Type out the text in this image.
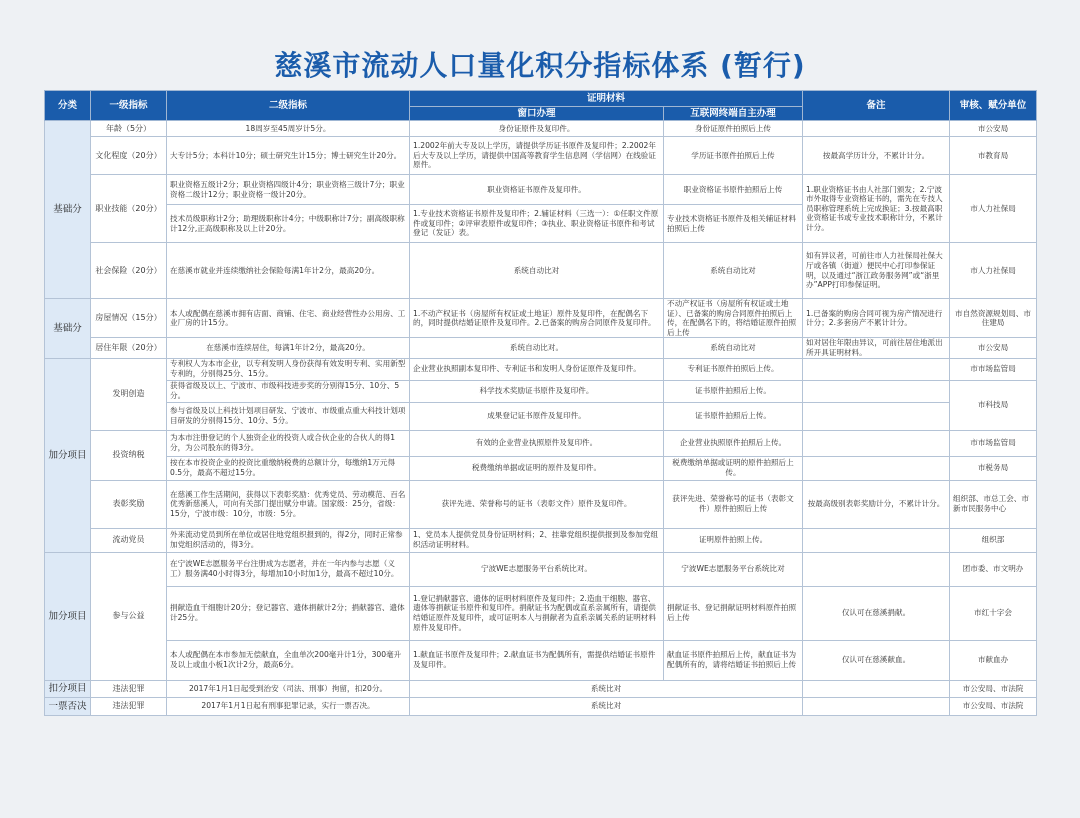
慈溪市流动人口量化积分指标体系 (暂行)
分类	一级指标	二级指标	证明材料		备注	审核、赋分单位
			窗口办理	互联网终端自主办理		
基础分	年龄（5分）	18周岁至45周岁计5分。	身份证原件及复印件。	身份证原件拍照后上传		市公安局
	文化程度（20分）	大专计5分；本科计10分；硕士研究生计15分；博士研究生计20分。	1.2002年前大专及以上学历，请提供学历证书原件及复印件；2.2002年后大专及以上学历，请提供中国高等教育学生信息网（学信网）在线验证原件。	学历证书原件拍照后上传	按最高学历计分，不累计计分。	市教育局
	职业技能（20分）	职业资格五级计2分；职业资格四级计4分；职业资格三级计7分；职业资格二级计12分；职业资格一级计20分。	职业资格证书原件及复印件。	职业资格证书原件拍照后上传	1.职业资格证书由人社部门颁发；2.宁波市外取得专业资格证书的，需先在专技人员职称管理系统上完成换证；3.按最高职业资格证书或专业技术职称计分，不累计计分。	市人力社保局
		技术员级职称计2分；助理级职称计4分；中级职称计7分；副高级职称计12分,正高级职称及以上计20分。	1.专业技术资格证书原件及复印件；2.辅证材料（三选一）：①任职文件原件或复印件；②评审表原件或复印件；③执业、职业资格证书原件和考试登记（发证）表。	专业技术资格证书原件及相关辅证材料拍照后上传		
	社会保险（20分）	在慈溪市就业并连续缴纳社会保险每满1年计2分，最高20分。	系统自动比对	系统自动比对	如有异议者，可前往市人力社保局社保大厅或各镇（街道）便民中心打印参保证明，以及通过“浙江政务服务网”或“浙里办”APP打印参保证明。	市人力社保局
基础分	房屋情况（15分）	本人或配偶在慈溪市拥有店面、商铺、住宅、商业经营性办公用房、工业厂房的计15分。	1.不动产权证书（房屋所有权证或土地证）原件及复印件，在配偶名下的，同时提供结婚证原件及复印件。2.已备案的购房合同原件及复印件。	不动产权证书（房屋所有权证或土地证）、已备案的购房合同原件拍照后上传，在配偶名下的，将结婚证原件拍照后上传	1.已备案的购房合同可视为房产情况进行计分；2.多套房产不累计计分。	市自然资源规划局、市住建局
	居住年限（20分）	在慈溪市连续居住，每满1年计2分，最高20分。	系统自动比对。	系统自动比对	如对居住年限由异议，可前往居住地派出所开具证明材料。	市公安局
加分项目	发明创造	专利权人为本市企业，以专利发明人身份获得有效发明专利、实用新型专利的，分别得25分、15分。	企业营业执照副本复印件、专利证书和发明人身份证原件及复印件。	专利证书原件拍照后上传。		市市场监管局
		获得省级及以上、宁波市、市级科技进步奖的分别得15分、10分、5分。	科学技术奖励证书原件及复印件。	证书原件拍照后上传。		市科技局
		参与省级及以上科技计划项目研发、宁波市、市级重点重大科技计划项目研发的分别得15分、10分、5分。	成果登记证书原件及复印件。	证书原件拍照后上传。		
	投资纳税	为本市注册登记的个人独资企业的投资人或合伙企业的合伙人的得1分，为公司股东的得3分。	有效的企业营业执照原件及复印件。	企业营业执照原件拍照后上传。		市市场监管局
		按在本市投资企业的投资比重缴纳税费的总额计分，每缴纳1万元得0.5分，最高不超过15分。	税费缴纳单据或证明的原件及复印件。	税费缴纳单据或证明的原件拍照后上传。		市税务局
	表彰奖励	在慈溪工作生活期间，获得以下表彰奖励：优秀党员、劳动模范、百名优秀新慈溪人，可向有关部门提出赋分申请。国家级：25分，省级：15分，宁波市级：10分，市级：5分。	获评先进、荣誉称号的证书（表彰文件）原件及复印件。	获评先进、荣誉称号的证书（表彰文件）原件拍照后上传	按最高级别表彰奖励计分，不累计计分。	组织部、市总工会、市新市民服务中心
	流动党员	外来流动党员到所在单位或居住地党组织报到的，得2分，同时正常参加党组织活动的，得3分。	1、党员本人提供党员身份证明材料；2、挂靠党组织提供报到及参加党组织活动证明材料。	证明原件拍照上传。		组织部
加分项目	参与公益	在宁波WE志愿服务平台注册成为志愿者，并在一年内参与志愿（义工）服务满40小时得3分，每增加10小时加1分，最高不超过10分。	宁波WE志愿服务平台系统比对。	宁波WE志愿服务平台系统比对		团市委、市文明办
		捐献造血干细胞计20分；登记器官、遗体捐献计2分；捐献器官、遗体计25分。	1.登记捐献器官、遗体的证明材料原件及复印件；2.造血干细胞、器官、遗体等捐献证书原件和复印件。捐献证书为配偶或直系亲属所有，请提供结婚证原件及复印件，或可证明本人与捐献者为直系亲属关系的证明材料原件及复印件。	捐献证书、登记捐献证明材料原件拍照后上传	仅认可在慈溪捐献。	市红十字会
		本人或配偶在本市参加无偿献血，全血单次200毫升计1分，300毫升及以上或血小板1次计2分，最高6分。	1.献血证书原件及复印件；2.献血证书为配偶所有，需提供结婚证书原件及复印件。	献血证书原件拍照后上传，献血证书为配偶所有的，请将结婚证书拍照后上传	仅认可在慈溪献血。	市献血办
扣分项目	违法犯罪	2017年1月1日起受到治安（司法、刑事）拘留，扣20分。	系统比对			市公安局、市法院
一票否决	违法犯罪	2017年1月1日起有刑事犯罪记录，实行一票否决。	系统比对			市公安局、市法院
